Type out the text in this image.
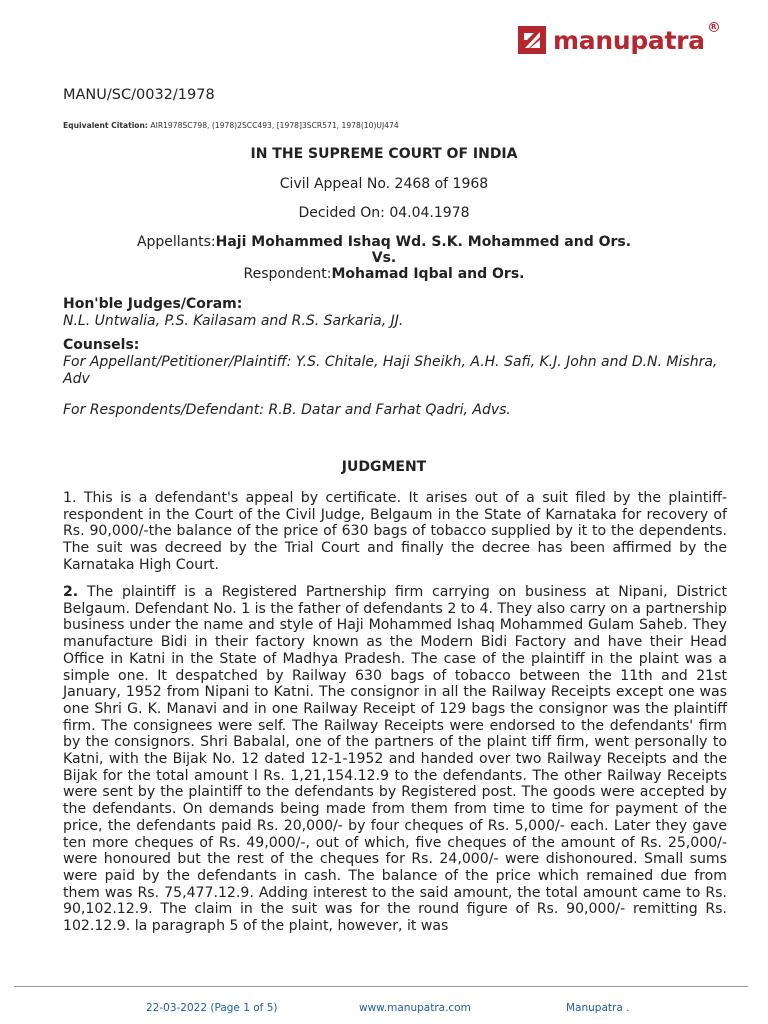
manupatra R
MANU/SC/0032/1978
Equivalent Citation: AIR1978SC798, (1978)2SCC493, [1978]3SCR571, 1978(10)UJ474
IN THE SUPREME COURT OF INDIA
Civil Appeal No. 2468 of 1968
Decided On: 04.04.1978
Appellants:Haji Mohammed Ishaq Wd. S.K. Mohammed and Ors.
Vs.
Respondent:Mohamad Iqbal and Ors.
Hon'ble Judges/Coram:
N.L. Untwalia, P.S. Kailasam and R.S. Sarkaria, JJ.
Counsels:
For Appellant/Petitioner/Plaintiff: Y.S. Chitale, Haji Sheikh, A.H. Safi, K.J. John and D.N. Mishra, Adv
For Respondents/Defendant: R.B. Datar and Farhat Qadri, Advs.
JUDGMENT
1. This is a defendant's appeal by certificate. It arises out of a suit filed by the plaintiff-respondent in the Court of the Civil Judge, Belgaum in the State of Karnataka for recovery of Rs. 90,000/-the balance of the price of 630 bags of tobacco supplied by it to the dependents. The suit was decreed by the Trial Court and finally the decree has been affirmed by the Karnataka High Court.
2. The plaintiff is a Registered Partnership firm carrying on business at Nipani, District Belgaum. Defendant No. 1 is the father of defendants 2 to 4. They also carry on a partnership business under the name and style of Haji Mohammed Ishaq Mohammed Gulam Saheb. They manufacture Bidi in their factory known as the Modern Bidi Factory and have their Head Office in Katni in the State of Madhya Pradesh. The case of the plaintiff in the plaint was a simple one. It despatched by Railway 630 bags of tobacco between the 11th and 21st January, 1952 from Nipani to Katni. The consignor in all the Railway Receipts except one was one Shri G. K. Manavi and in one Railway Receipt of 129 bags the consignor was the plaintiff firm. The consignees were self. The Railway Receipts were endorsed to the defendants' firm by the consignors. Shri Babalal, one of the partners of the plaint tiff firm, went personally to Katni, with the Bijak No. 12 dated 12-1-1952 and handed over two Railway Receipts and the Bijak for the total amount l Rs. 1,21,154.12.9 to the defendants. The other Railway Receipts were sent by the plaintiff to the defendants by Registered post. The goods were accepted by the defendants. On demands being made from them from time to time for payment of the price, the defendants paid Rs. 20,000/- by four cheques of Rs. 5,000/- each. Later they gave ten more cheques of Rs. 49,000/-, out of which, five cheques of the amount of Rs. 25,000/- were honoured but the rest of the cheques for Rs. 24,000/- were dishonoured. Small sums were paid by the defendants in cash. The balance of the price which remained due from them was Rs. 75,477.12.9. Adding interest to the said amount, the total amount came to Rs. 90,102.12.9. The claim in the suit was for the round figure of Rs. 90,000/- remitting Rs. 102.12.9. la paragraph 5 of the plaint, however, it was
22-03-2022 (Page 1 of 5)	www.manupatra.com	Manupatra .
